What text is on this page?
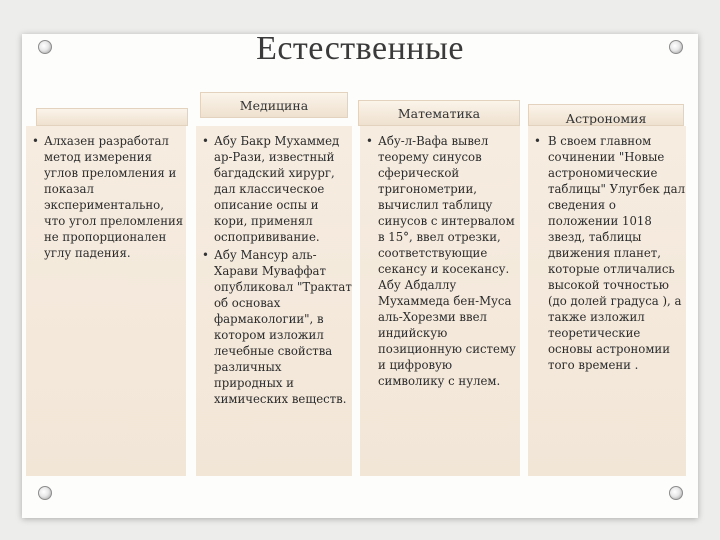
Естественные
Медицина
Математика	Астрономия
• Алхазен разработал метод измерения углов преломления и показал экспериментально, что угол преломления не пропорционален углу падения.
• Абу Бакр Мухаммед ар-Рази, известный багдадский хирург, дал классическое описание оспы и кори, применял оспопрививание.
• Абу Мансур аль-Харави Муваффат опубликовал "Трактат об основах фармакологии", в котором изложил лечебные свойства различных природных и химических веществ.
• Абу-л-Вафа вывел теорему синусов сферической тригонометрии, вычислил таблицу синусов с интервалом в 15°, ввел отрезки, соответствующие секансу и косекансу. Абу Абдаллу Мухаммеда бен-Муса аль-Хорезми ввел индийскую позиционную систему и цифровую символику с нулем.
• В своем главном сочинении "Новые астрономические таблицы" Улугбек дал сведения о положении 1018 звезд, таблицы движения планет, которые отличались высокой точностью (до долей градуса ), а также изложил теоретические основы астрономии того времени .
